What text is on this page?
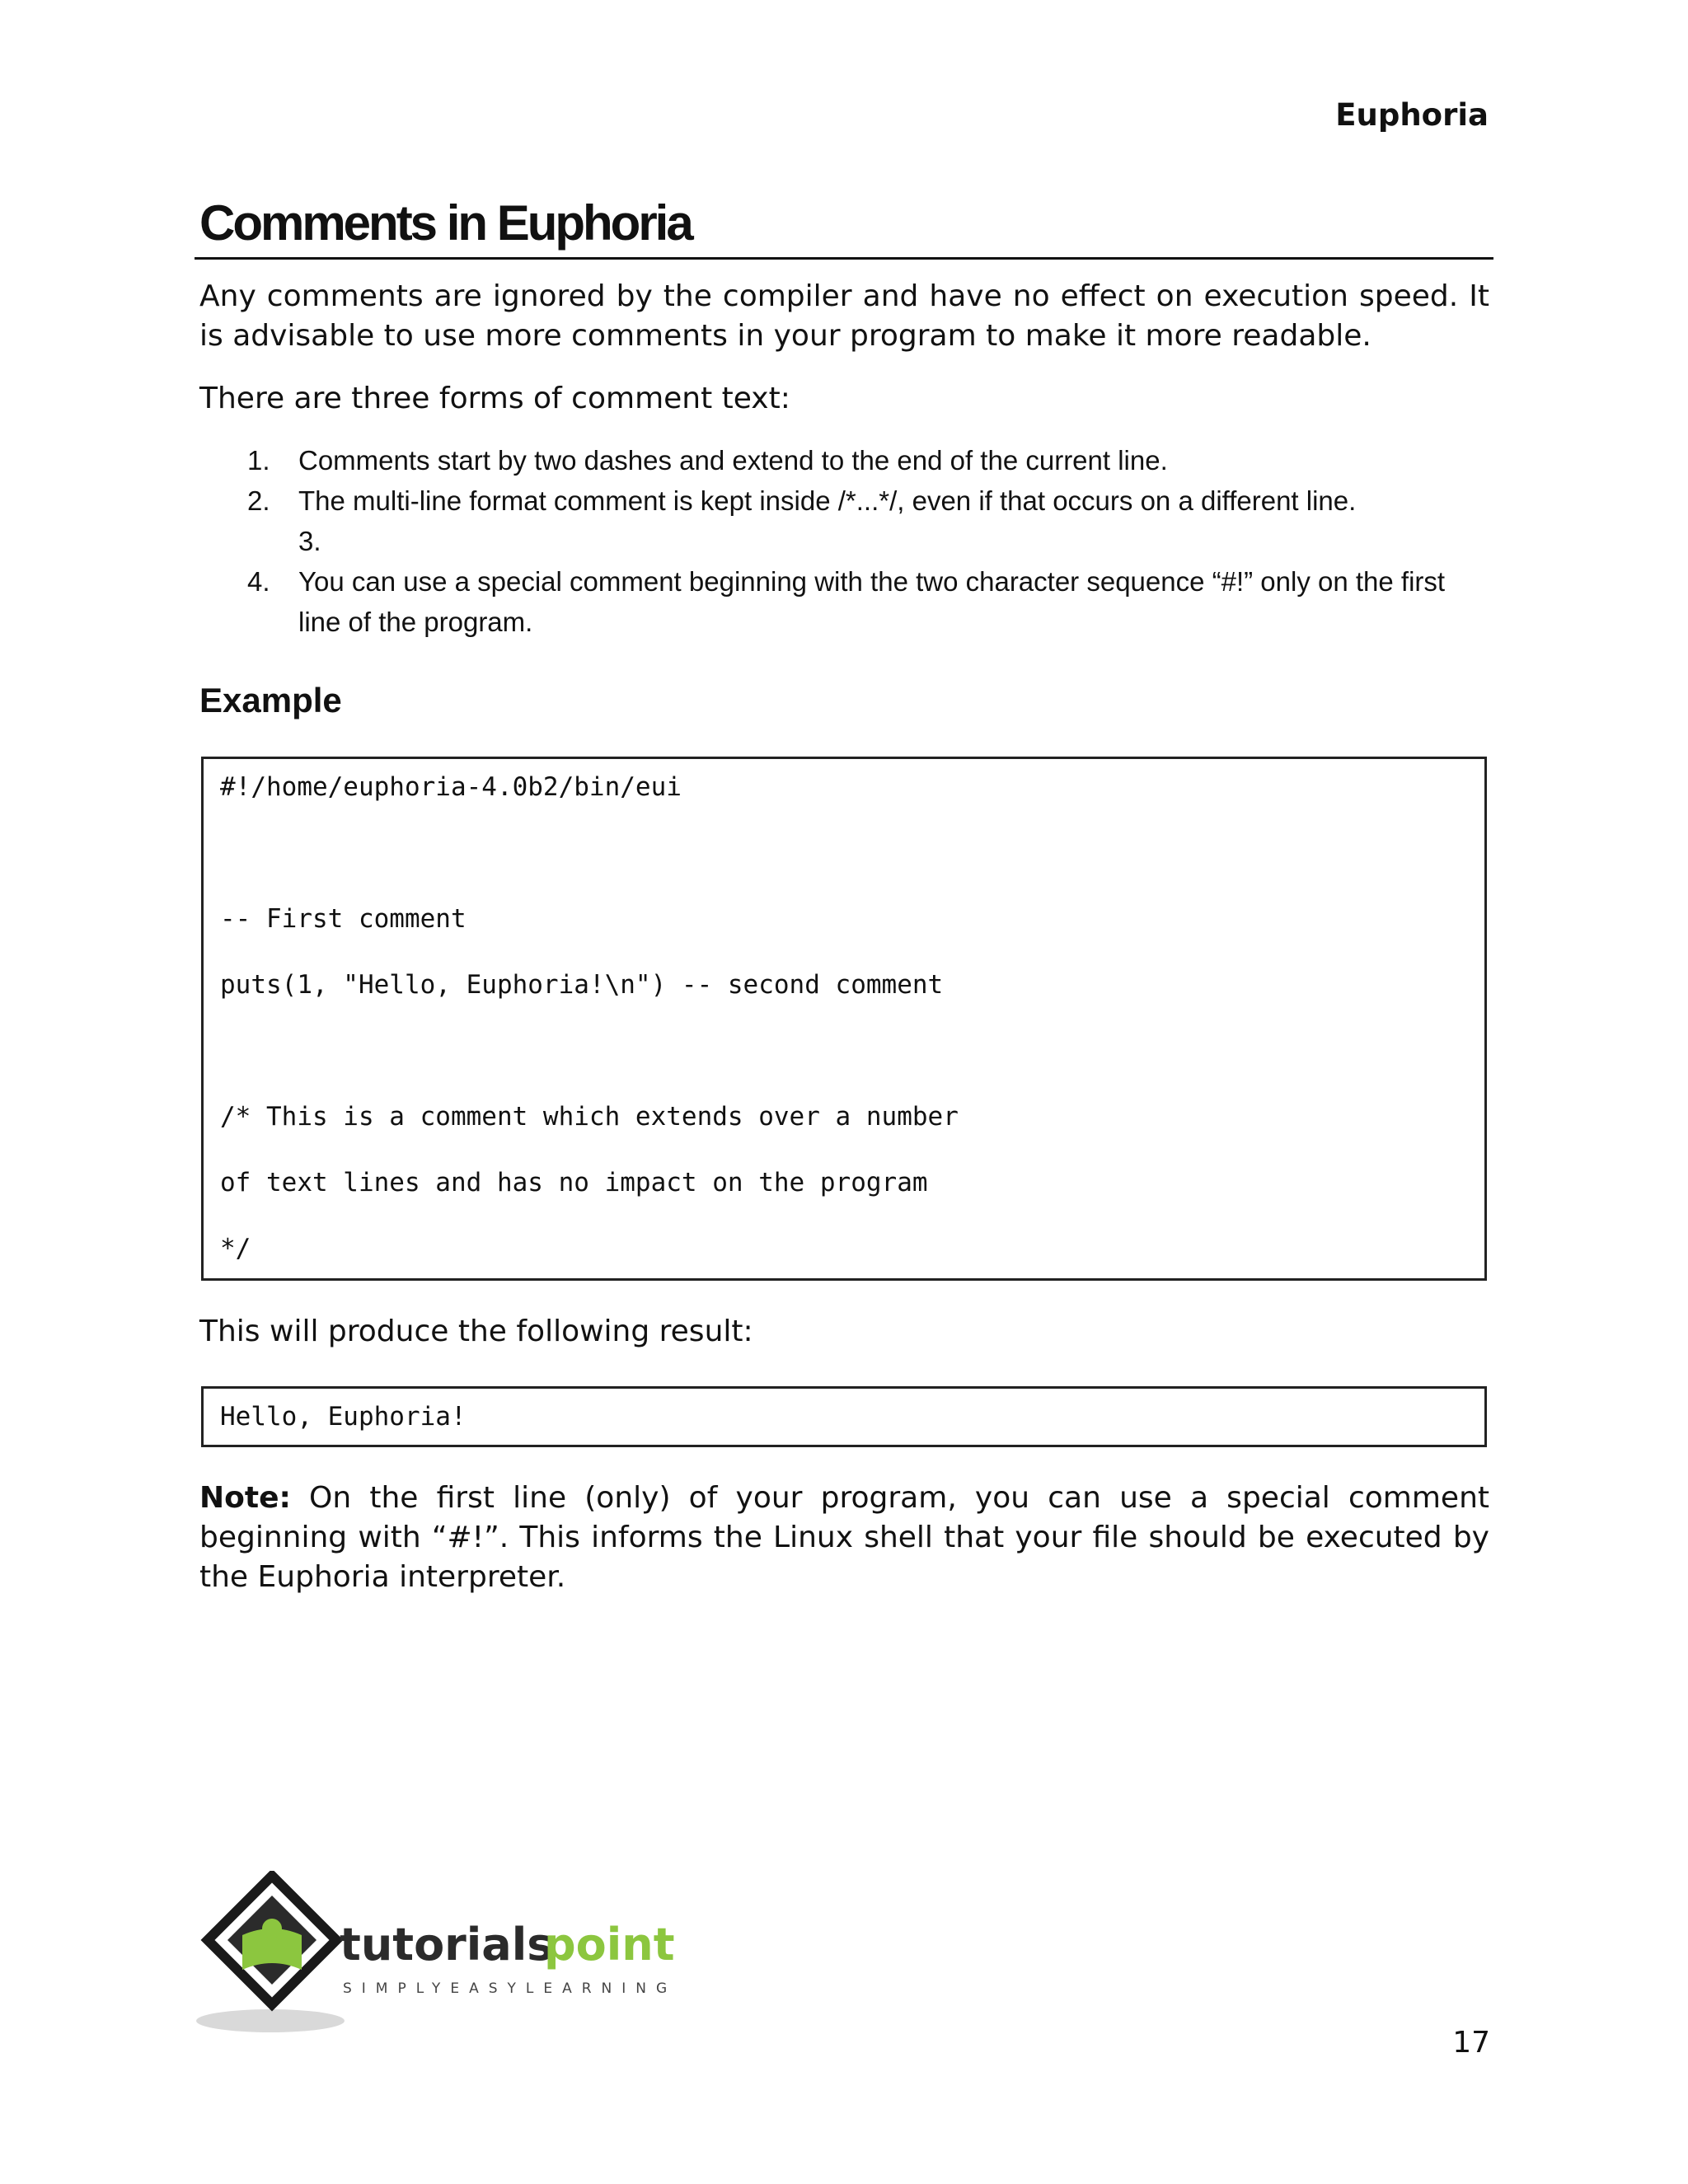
Euphoria
Comments in Euphoria

Any comments are ignored by the compiler and have no effect on execution speed. It is advisable to use more comments in your program to make it more readable.

There are three forms of comment text:

1. Comments start by two dashes and extend to the end of the current line.
2. The multi-line format comment is kept inside /*...*/, even if that occurs on a different line.
3.
4. You can use a special comment beginning with the two character sequence “#!” only on the first line of the program.
Example
#!/home/euphoria-4.0b2/bin/eui
-- First comment
puts(1, "Hello, Euphoria!\n") -- second comment
/* This is a comment which extends over a number
of text lines and has no impact on the program
*/

This will produce the following result:

Hello, Euphoria!

Note: On the first line (only) of your program, you can use a special comment beginning with “#!”. This informs the Linux shell that your file should be executed by the Euphoria interpreter.

tutorials
point
SIMPLYEASYLEARNING
17
